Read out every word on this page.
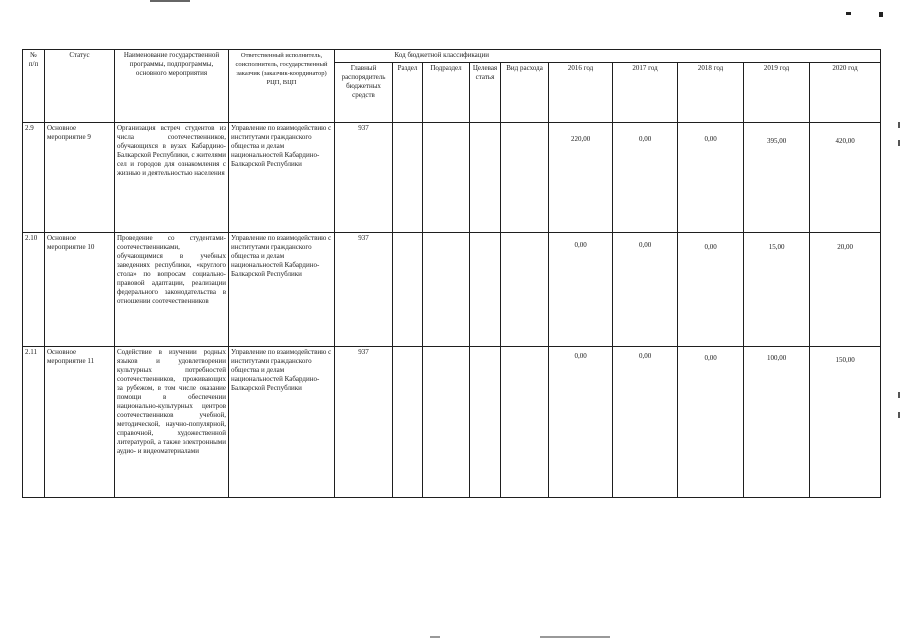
№
п/п	Статус	Наименование государственной программы, подпрограммы, основного мероприятия	Ответственный исполнитель, соисполнитель, государственный заказчик (заказчик-координатор) РЦП, ВЦП	Код бюджетной классификации									
				Главный распорядитель бюджетных средств	Раздел	Подраздел	Целевая статья	Вид расхода	2016 год	2017 год	2018 год	2019 год	2020 год
2.9	Основное мероприятие 9	Организация встреч студентов из числа соотечественников, обучающихся в вузах Кабардино-Балкарской Республики, с жителями сел и городов для ознакомления с жизнью и деятельностью населения	Управление по взаимодействию с институтами гражданского общества и делам национальностей Кабардино-Балкарской Республики	937					220,00	0,00	0,00	395,00	420,00
2.10	Основное мероприятие 10	Проведение со студентами-соотечественниками, обучающимися в учебных заведениях республики, «круглого стола» по вопросам социально-правовой адаптации, реализации федерального законодательства в отношении соотечественников	Управление по взаимодействию с институтами гражданского общества и делам национальностей Кабардино-Балкарской Республики	937					0,00	0,00	0,00	15,00	20,00
2.11	Основное мероприятие 11	Содействие в изучении родных языков и удовлетворении культурных потребностей соотечественников, проживающих за рубежом, в том числе оказание помощи в обеспечении национально-культурных центров соотечественников учебной, методической, научно-популярной, справочной, художественной литературой, а также электронными аудио- и видеоматериалами	Управление по взаимодействию с институтами гражданского общества и делам национальностей Кабардино-Балкарской Республики	937					0,00	0,00	0,00	100,00	150,00
